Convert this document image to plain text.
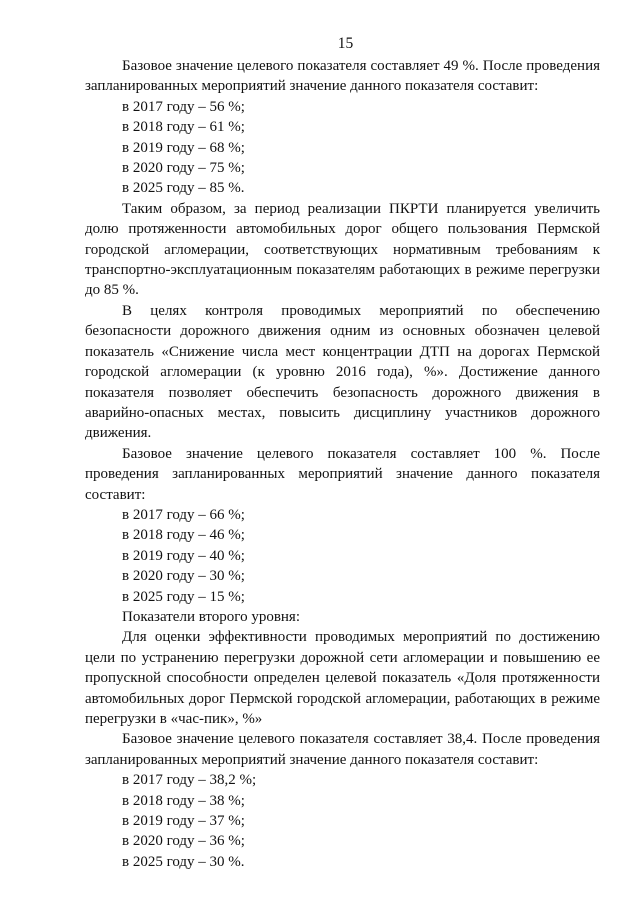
15

Базовое значение целевого показателя составляет 49 %. После проведения запланированных мероприятий значение данного показателя составит:

в 2017 году – 56 %;

в 2018 году – 61 %;

в 2019 году – 68 %;

в 2020 году – 75 %;

в 2025 году – 85 %.

Таким образом, за период реализации ПКРТИ планируется увеличить долю протяженности автомобильных дорог общего пользования Пермской городской агломерации, соответствующих нормативным требованиям к транспортно-эксплуатационным показателям работающих в режиме перегрузки до 85 %.

В целях контроля проводимых мероприятий по обеспечению безопасности дорожного движения одним из основных обозначен целевой показатель «Снижение числа мест концентрации ДТП на дорогах Пермской городской агломерации (к уровню 2016 года), %». Достижение данного показателя позволяет обеспечить безопасность дорожного движения в аварийно-опасных местах, повысить дисциплину участников дорожного движения.

Базовое значение целевого показателя составляет 100 %. После проведения запланированных мероприятий значение данного показателя составит:

в 2017 году – 66 %;

в 2018 году – 46 %;

в 2019 году – 40 %;

в 2020 году – 30 %;

в 2025 году – 15 %;

Показатели второго уровня:

Для оценки эффективности проводимых мероприятий по достижению цели по устранению перегрузки дорожной сети агломерации и повышению ее пропускной способности определен целевой показатель «Доля протяженности автомобильных дорог Пермской городской агломерации, работающих в режиме перегрузки в «час-пик», %»

Базовое значение целевого показателя составляет 38,4. После проведения запланированных мероприятий значение данного показателя составит:

в 2017 году – 38,2 %;

в 2018 году – 38 %;

в 2019 году – 37 %;

в 2020 году – 36 %;

в 2025 году – 30 %.
